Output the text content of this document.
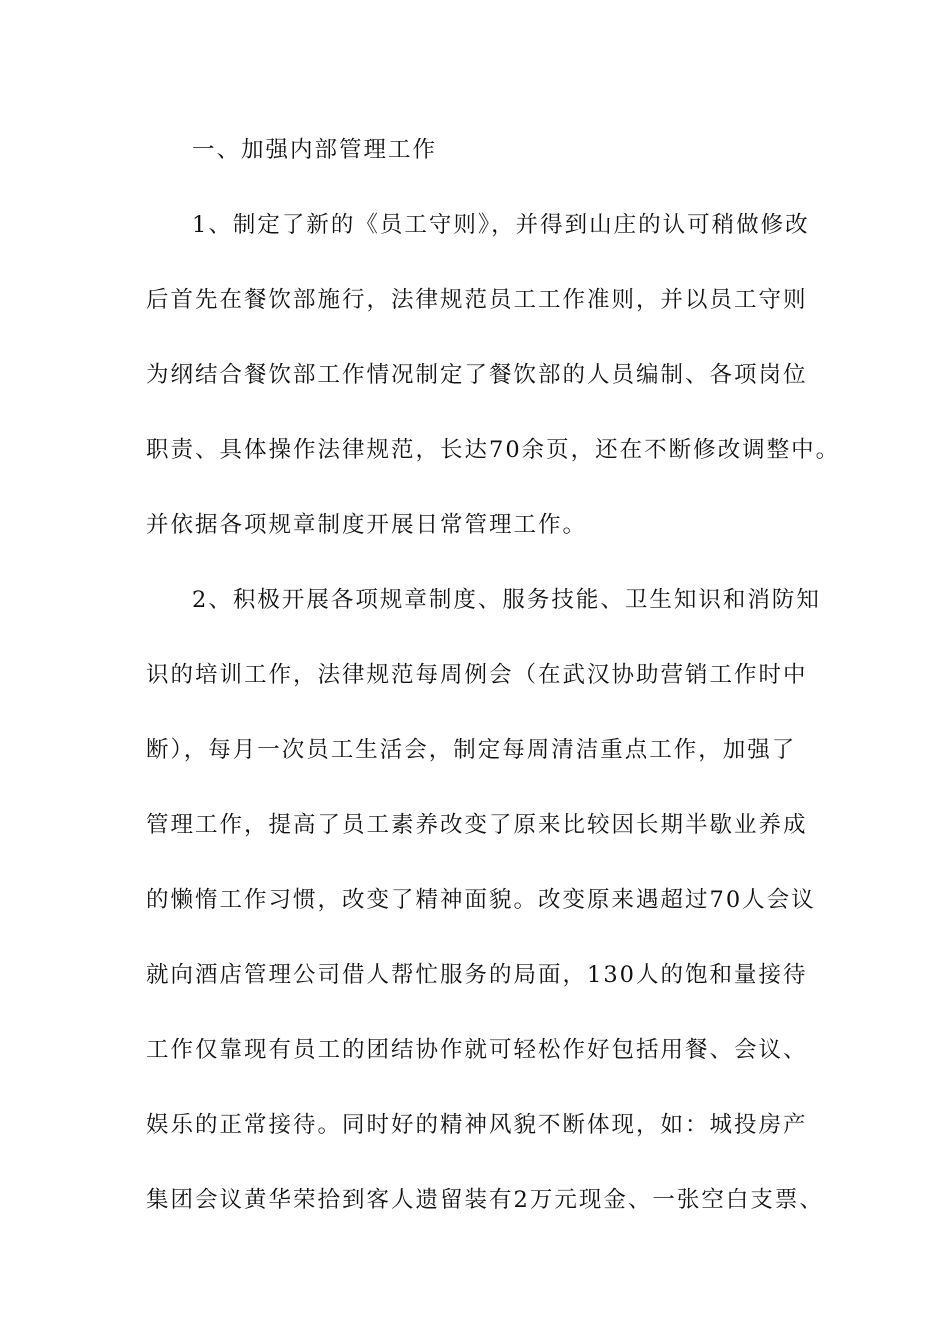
一、加强内部管理工作
1、制定了新的《员工守则》，并得到山庄的认可稍做修改
后首先在餐饮部施行，法律规范员工工作准则，并以员工守则
为纲结合餐饮部工作情况制定了餐饮部的人员编制、各项岗位
职责、具体操作法律规范，长达70余页，还在不断修改调整中。
并依据各项规章制度开展日常管理工作。
2、积极开展各项规章制度、服务技能、卫生知识和消防知
识的培训工作，法律规范每周例会（在武汉协助营销工作时中
断），每月一次员工生活会，制定每周清洁重点工作，加强了
管理工作，提高了员工素养改变了原来比较因长期半歇业养成
的懒惰工作习惯，改变了精神面貌。改变原来遇超过70人会议
就向酒店管理公司借人帮忙服务的局面，130人的饱和量接待
工作仅靠现有员工的团结协作就可轻松作好包括用餐、会议、
娱乐的正常接待。同时好的精神风貌不断体现，如：城投房产
集团会议黄华荣拾到客人遗留装有2万元现金、一张空白支票、
